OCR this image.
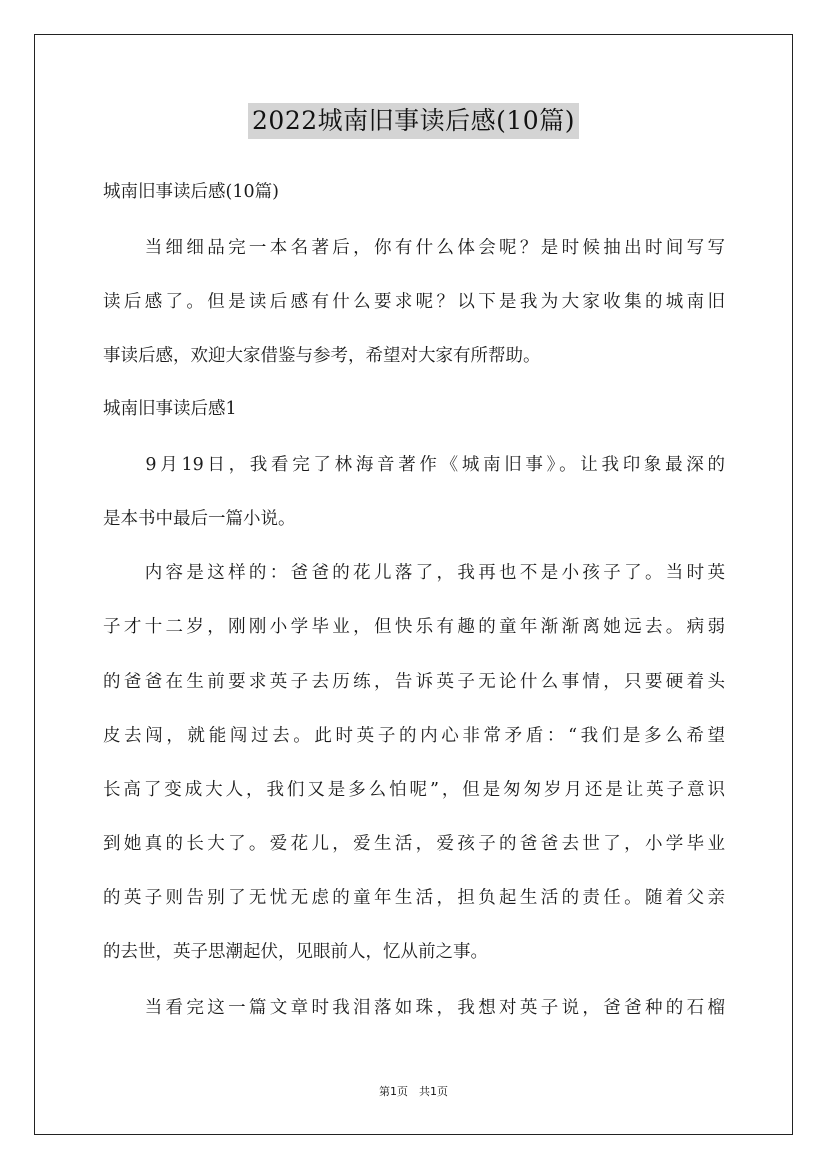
2022城南旧事读后感(10篇)
城南旧事读后感(10篇)
　　当细细品完一本名著后，你有什么体会呢？是时候抽出时间写写
读后感了。但是读后感有什么要求呢？以下是我为大家收集的城南旧
事读后感，欢迎大家借鉴与参考，希望对大家有所帮助。
城南旧事读后感1
　　9月19日，我看完了林海音著作《城南旧事》。让我印象最深的
是本书中最后一篇小说。
　　内容是这样的：爸爸的花儿落了，我再也不是小孩子了。当时英
子才十二岁，刚刚小学毕业，但快乐有趣的童年渐渐离她远去。病弱
的爸爸在生前要求英子去历练，告诉英子无论什么事情，只要硬着头
皮去闯，就能闯过去。此时英子的内心非常矛盾：“我们是多么希望
长高了变成大人，我们又是多么怕呢”，但是匆匆岁月还是让英子意识
到她真的长大了。爱花儿，爱生活，爱孩子的爸爸去世了，小学毕业
的英子则告别了无忧无虑的童年生活，担负起生活的责任。随着父亲
的去世，英子思潮起伏，见眼前人，忆从前之事。
　　当看完这一篇文章时我泪落如珠，我想对英子说，爸爸种的石榴
第1页　共1页
